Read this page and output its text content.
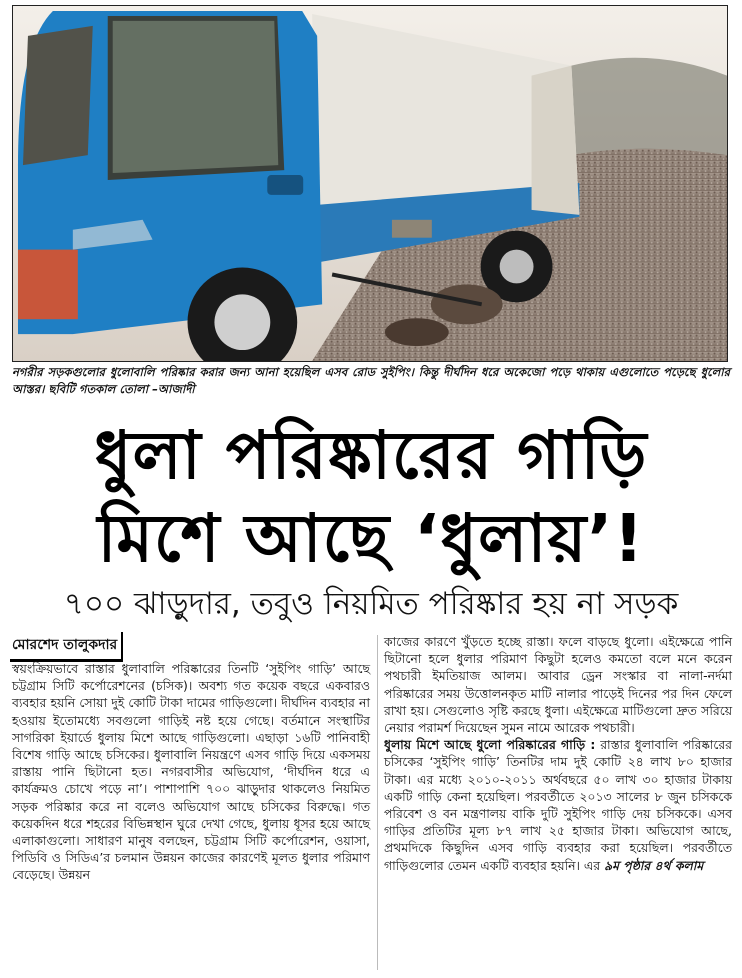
নগরীর সড়কগুলোর ধুলোবালি পরিষ্কার করার জন্য আনা হয়েছিল এসব রোড সুইপিং। কিন্তু দীর্ঘদিন ধরে অকেজো পড়ে থাকায় এগুলোতে পড়েছে ধুলোর আস্তর। ছবিটি গতকাল তোলা –আজাদী
ধুলা পরিষ্কারের গাড়ি
মিশে আছে ‘ধুলায়’!
৭০০ ঝাড়ুদার, তবুও নিয়মিত পরিষ্কার হয় না সড়ক
মোরশেদ তালুকদার

স্বয়ংক্রিয়ভাবে রাস্তার ধুলাবালি পরিষ্কারের তিনটি ‘সুইপিং গাড়ি’ আছে চট্টগ্রাম সিটি কর্পোরেশনের (চসিক)। অবশ্য গত কয়েক বছরে একবারও ব্যবহার হয়নি সোয়া দুই কোটি টাকা দামের গাড়িগুলো। দীর্ঘদিন ব্যবহার না হওয়ায় ইতোমধ্যে সবগুলো গাড়িই নষ্ট হয়ে গেছে। বর্তমানে সংস্থাটির সাগরিকা ইয়ার্ডে ধুলায় মিশে আছে গাড়িগুলো। এছাড়া ১৬টি পানিবাহী বিশেষ গাড়ি আছে চসিকের। ধুলাবালি নিয়ন্ত্রণে এসব গাড়ি দিয়ে একসময় রাস্তায় পানি ছিটানো হত। নগরবাসীর অভিযোগ, ‘দীর্ঘদিন ধরে এ কার্যক্রমও চোখে পড়ে না’। পাশাপাশি ৭০০ ঝাড়ুদার থাকলেও নিয়মিত সড়ক পরিষ্কার করে না বলেও অভিযোগ আছে চসিকের বিরুদ্ধে। গত কয়েকদিন ধরে শহরের বিভিন্নস্থান ঘুরে দেখা গেছে, ধুলায় ধূসর হয়ে আছে এলাকাগুলো। সাধারণ মানুষ বলছেন, চট্টগ্রাম সিটি কর্পোরেশন, ওয়াসা, পিডিবি ও সিডিএ’র চলমান উন্নয়ন কাজের কারণেই মূলত ধুলার পরিমাণ বেড়েছে। উন্নয়ন

কাজের কারণে খুঁড়তে হচ্ছে রাস্তা। ফলে বাড়ছে ধুলো। এইক্ষেত্রে পানি ছিটানো হলে ধুলার পরিমাণ কিছুটা হলেও কমতো বলে মনে করেন পথচারী ইমতিয়াজ আলম। আবার ড্রেন সংস্কার বা নালা-নর্দমা পরিষ্কারের সময় উত্তোলনকৃত মাটি নালার পাড়েই দিনের পর দিন ফেলে রাখা হয়। সেগুলোও সৃষ্টি করছে ধুলা। এইক্ষেত্রে মাটিগুলো দ্রুত সরিয়ে নেয়ার পরামর্শ দিয়েছেন সুমন নামে আরেক পথচারী।

ধুলায় মিশে আছে ধুলো পরিষ্কারের গাড়ি : রাস্তার ধুলাবালি পরিষ্কারের চসিকের ‘সুইপিং গাড়ি’ তিনটির দাম দুই কোটি ২৪ লাখ ৮০ হাজার টাকা। এর মধ্যে ২০১০-২০১১ অর্থবছরে ৫০ লাখ ৩০ হাজার টাকায় একটি গাড়ি কেনা হয়েছিল। পরবর্তীতে ২০১৩ সালের ৮ জুন চসিককে পরিবেশ ও বন মন্ত্রণালয় বাকি দুটি সুইপিং গাড়ি দেয় চসিককে। এসব গাড়ির প্রতিটির মূল্য ৮৭ লাখ ২৫ হাজার টাকা। অভিযোগ আছে, প্রথমদিকে কিছুদিন এসব গাড়ি ব্যবহার করা হয়েছিল। পরবর্তীতে গাড়িগুলোর তেমন একটি ব্যবহার হয়নি। এর ৯ম পৃষ্ঠার ৪র্থ কলাম
